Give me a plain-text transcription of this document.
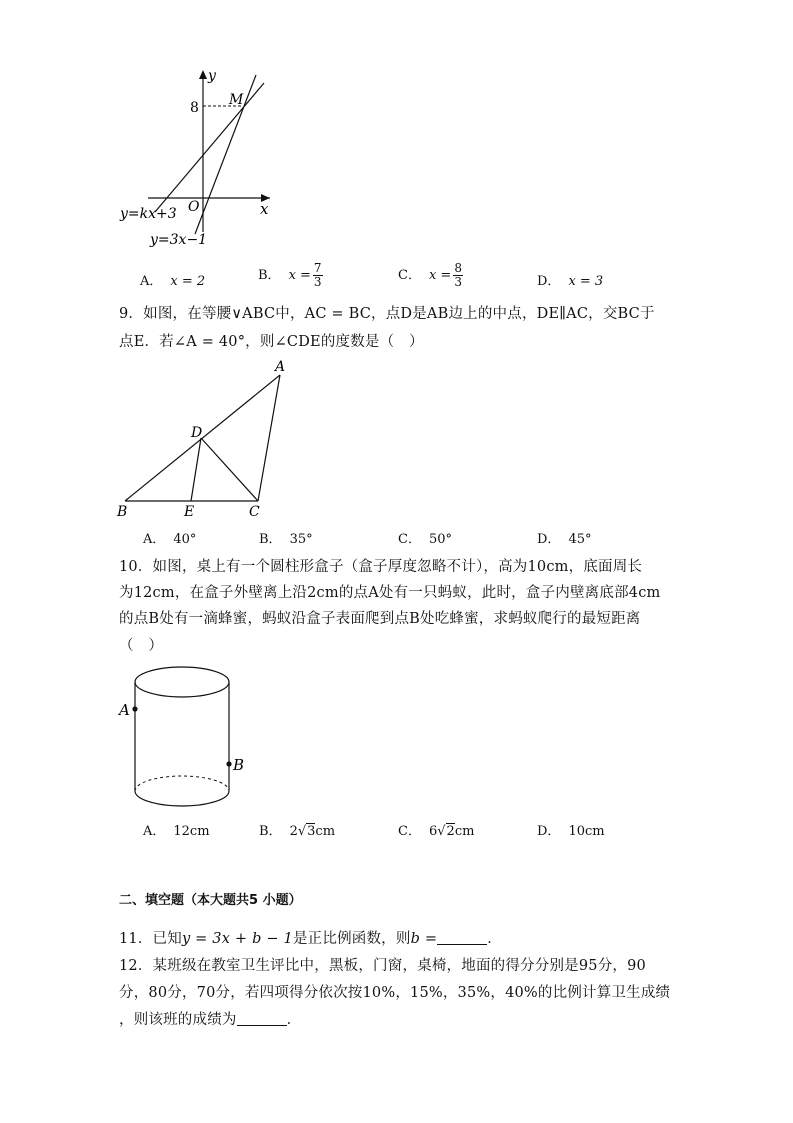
y
x
O
M
8
y=kx+3
y=3x−1
A． x = 2	B． $x = \frac{7}{3}$	C． $x = \frac{8}{3}$	D． x = 3
9．如图，在等腰∨ABC中，AC = BC，点D是AB边上的中点，DE∥AC，交BC于
点E．若∠A = 40°，则∠CDE的度数是（　）
A
B	C
D
E
A． 40°	B． 35°	C． 50°	D． 45°
10．如图，桌上有一个圆柱形盒子（盒子厚度忽略不计），高为10cm，底面周长
为12cm，在盒子外壁离上沿2cm的点A处有一只蚂蚁，此时，盒子内壁离底部4cm
的点B处有一滴蜂蜜，蚂蚁沿盒子表面爬到点B处吃蜂蜜，求蚂蚁爬行的最短距离
（　）
A
B
A． 12cm	B． 2√3cm	C． 6√2cm	D． 10cm
二、填空题（本大题共5 小题）
11．已知y = 3x + b − 1是正比例函数，则b =	．
12．某班级在教室卫生评比中，黑板，门窗，桌椅，地面的得分分别是95分，90
分，80分，70分，若四项得分依次按10%，15%，35%，40%的比例计算卫生成绩
，则该班的成绩为	．
